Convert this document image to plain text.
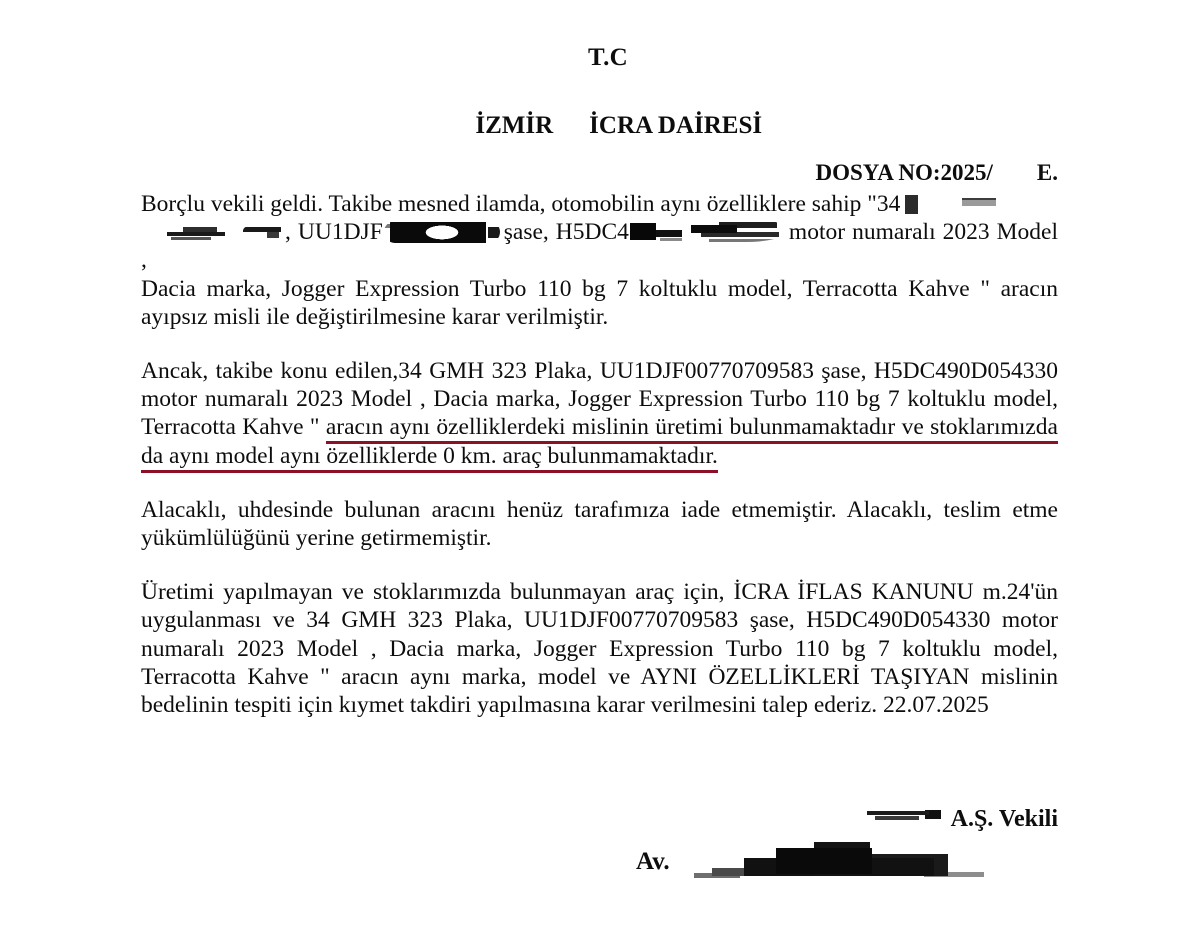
T.C

İZMİR İCRA DAİRESİ

DOSYA NO:2025/ E.

Borçlu vekili geldi. Takibe mesned ilamda, otomobilin aynı özelliklere sahip "34
, UU1DJF	şase, H5DC4	motor numaralı 2023 Model ,
Dacia marka, Jogger Expression Turbo 110 bg 7 koltuklu model, Terracotta Kahve " aracın ayıpsız misli ile değiştirilmesine karar verilmiştir.

Ancak, takibe konu edilen,34 GMH 323 Plaka, UU1DJF00770709583 şase, H5DC490D054330 motor numaralı 2023 Model , Dacia marka, Jogger Expression Turbo 110 bg 7 koltuklu model, Terracotta Kahve " aracın aynı özelliklerdeki mislinin üretimi bulunmamaktadır ve stoklarımızda da aynı model aynı özelliklerde 0 km. araç bulunmamaktadır.

Alacaklı, uhdesinde bulunan aracını henüz tarafımıza iade etmemiştir. Alacaklı, teslim etme yükümlülüğünü yerine getirmemiştir.

Üretimi yapılmayan ve stoklarımızda bulunmayan araç için, İCRA İFLAS KANUNU m.24'ün uygulanması ve 34 GMH 323 Plaka, UU1DJF00770709583 şase, H5DC490D054330 motor numaralı 2023 Model , Dacia marka, Jogger Expression Turbo 110 bg 7 koltuklu model, Terracotta Kahve " aracın aynı marka, model ve AYNI ÖZELLİKLERİ TAŞIYAN mislinin bedelinin tespiti için kıymet takdiri yapılmasına karar verilmesini talep ederiz. 22.07.2025

A.Ş. Vekili
Av.
